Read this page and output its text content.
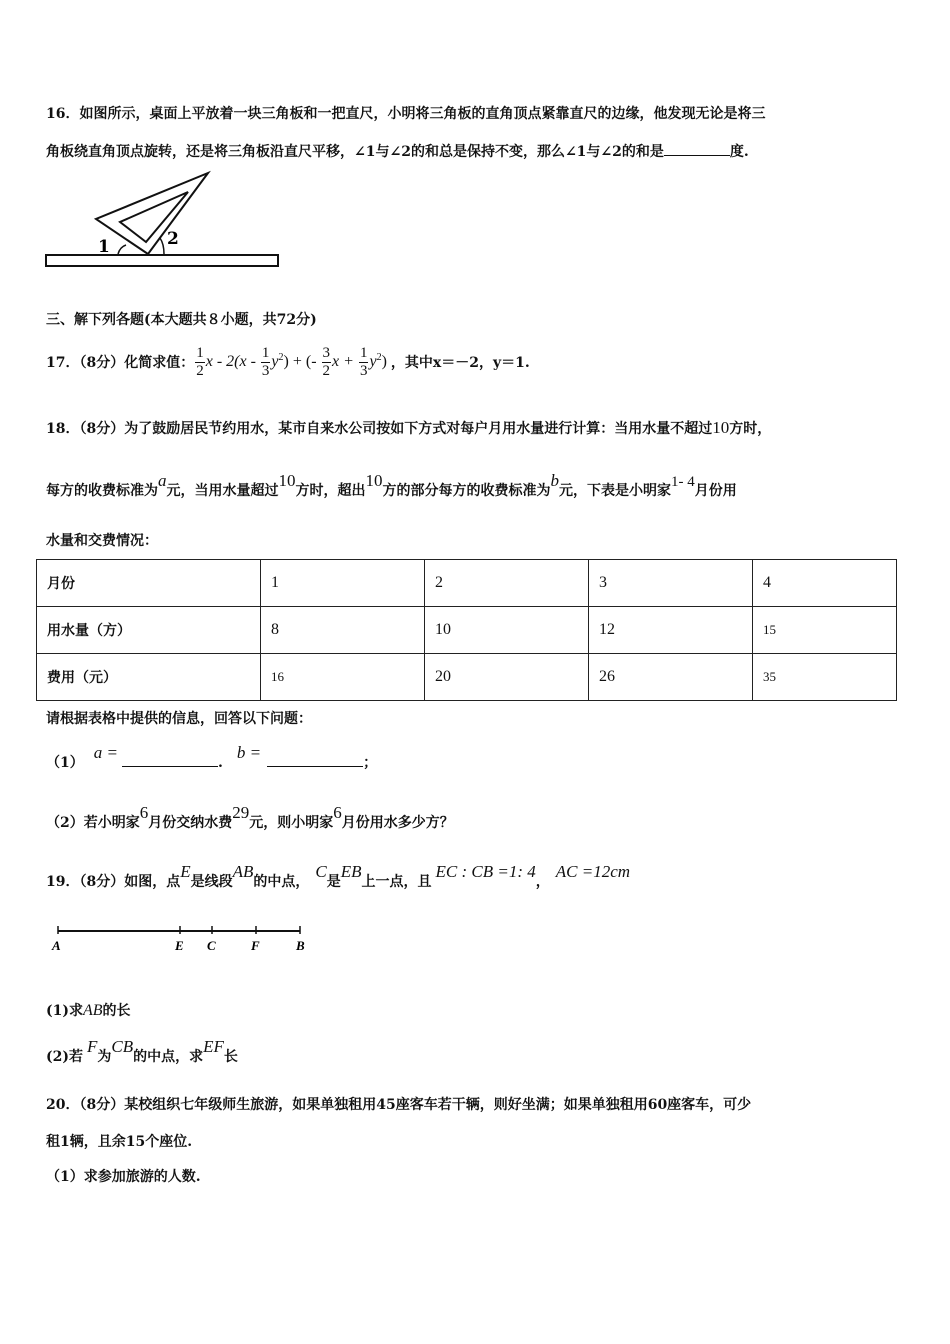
16．如图所示，桌面上平放着一块三角板和一把直尺，小明将三角板的直角顶点紧靠直尺的边缘，他发现无论是将三
角板绕直角顶点旋转，还是将三角板沿直尺平移，∠1与∠2的和总是保持不变，那么∠1与∠2的和是	度.
1	2
三、解下列各题(本大题共８小题，共72分)
17．（8分）化简求值： $\frac{1}{2}$ x - $2(x - \frac{1}{3} y^2)$ + (- $\frac{3}{2}$ $x + \frac{1}{3} y^2$) ，其中x＝－2，y＝1.
18．（8分）为了鼓励居民节约用水，某市自来水公司按如下方式对每户月用水量进行计算：当用水量不超过10方时，
每方的收费标准为a元，当用水量超过10方时，超出10方的部分每方的收费标准为b元，下表是小明家1- 4月份用
水量和交费情况：
月份	1	2	3	4
用水量（方）	8	10	12	15
费用（元）	16	20	26	35
请根据表格中提供的信息，回答以下问题：
（1）a =.b =；
（2）若小明家6月份交纳水费29元，则小明家6月份用水多少方？
19．（8分）如图，点E是线段AB的中点，C是EB上一点，且EC : CB =1: 4，AC =12cm
A	E C	F	B
(1)求AB的长
(2)若F为CB的中点，求EF长
20．（8分）某校组织七年级师生旅游，如果单独租用45座客车若干辆，则好坐满；如果单独租用60座客车，可少
租1辆，且余15个座位.
（1）求参加旅游的人数.
